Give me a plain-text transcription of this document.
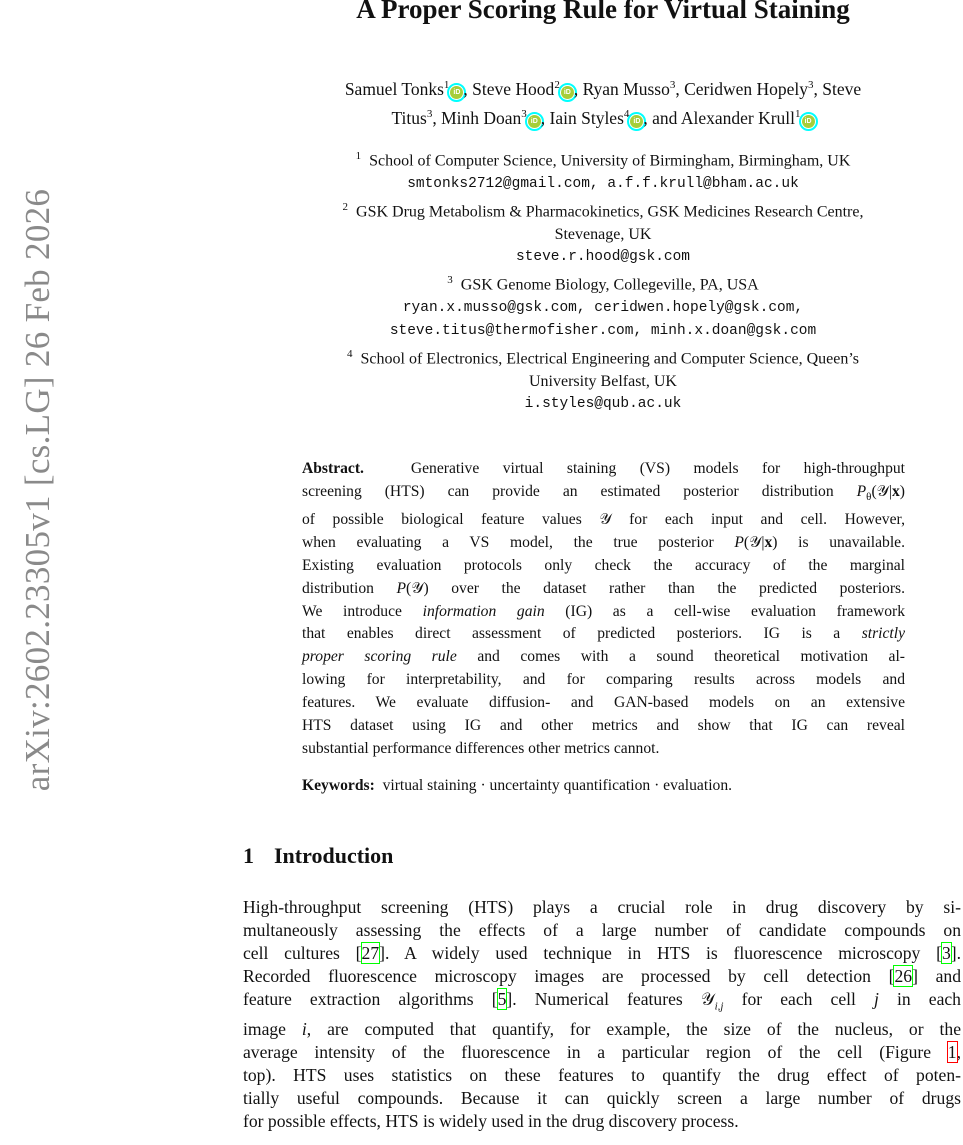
arXiv:2602.23305v1 [cs.LG] 26 Feb 2026
A Proper Scoring Rule for Virtual Staining
Samuel Tonks$^1$iD , Steve Hood$^2$iD , Ryan Musso$^3$, Ceridwen Hopely$^3$, Steve
Titus$^3$, Minh Doan$^3$iD , Iain Styles$^4$iD , and Alexander Krull$^1$iD
$^1$ School of Computer Science, University of Birmingham, Birmingham, UK
smtonks2712@gmail.com, a.f.f.krull@bham.ac.uk
$^2$ GSK Drug Metabolism & Pharmacokinetics, GSK Medicines Research Centre,
Stevenage, UK
steve.r.hood@gsk.com
$^3$ GSK Genome Biology, Collegeville, PA, USA
ryan.x.musso@gsk.com, ceridwen.hopely@gsk.com,
steve.titus@thermofisher.com, minh.x.doan@gsk.com
$^4$ School of Electronics, Electrical Engineering and Computer Science, Queen’s
University Belfast, UK
i.styles@qub.ac.uk
Abstract.	Generative virtual staining (VS) models for high-throughput
screening (HTS) can provide an estimated posterior distribution $P_\theta(𝒴|x)$
of possible biological feature values 𝒴 for each input and cell. However,
when evaluating a VS model, the true posterior P(𝒴|x) is unavailable.
Existing evaluation protocols only check the accuracy of the marginal
distribution P(𝒴) over the dataset rather than the predicted posteriors.
We introduce information gain (IG) as a cell-wise evaluation framework
that enables direct assessment of predicted posteriors. IG is a strictly
proper scoring rule and comes with a sound theoretical motivation al-
lowing for interpretability, and for comparing results across models and
features. We evaluate diffusion- and GAN-based models on an extensive
HTS dataset using IG and other metrics and show that IG can reveal
substantial performance differences other metrics cannot.
Keywords: virtual staining · uncertainty quantification · evaluation.
1 Introduction
High-throughput screening (HTS) plays a crucial role in drug discovery by si-
multaneously assessing the effects of a large number of candidate compounds on
cell cultures [27]. A widely used technique in HTS is fluorescence microscopy [3].
Recorded fluorescence microscopy images are processed by cell detection [26] and
feature extraction algorithms [5]. Numerical features 𝒴$_{i,j}$ for each cell j in each
image i, are computed that quantify, for example, the size of the nucleus, or the
average intensity of the fluorescence in a particular region of the cell (Figure 1,
top). HTS uses statistics on these features to quantify the drug effect of poten-
tially useful compounds. Because it can quickly screen a large number of drugs
for possible effects, HTS is widely used in the drug discovery process.
